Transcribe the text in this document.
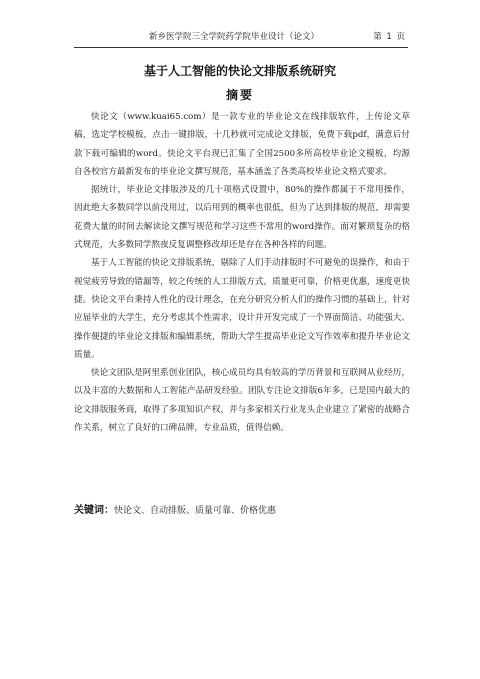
新乡医学院三全学院药学院毕业设计（论文）	第 1 页
基于人工智能的快论文排版系统研究
摘要

快论文（www.kuai65.com）是一款专业的毕业论文在线排版软件，上传论文草稿，选定学校模板，点击一键排版，十几秒就可完成论文排版，免费下载pdf，满意后付款下载可编辑的word。快论文平台现已汇集了全国2500多所高校毕业论文模板，均源自各校官方最新发布的毕业论文撰写规范，基本涵盖了各类高校毕业论文格式要求。

据统计，毕业论文排版涉及的几十项格式设置中，80%的操作都属于不常用操作，因此绝大多数同学以前没用过，以后用到的概率也很低，但为了达到排版的规范，却需要花费大量的时间去解读论文撰写规范和学习这些不常用的word操作。面对繁琐复杂的格式规范，大多数同学熬夜反复调整修改却还是存在各种各样的问题。

基于人工智能的快论文排版系统，剔除了人们手动排版时不可避免的误操作，和由于视觉疲劳导致的错漏等，较之传统的人工排版方式，质量更可靠，价格更优惠，速度更快捷。快论文平台秉持人性化的设计理念，在充分研究分析人们的操作习惯的基础上，针对应届毕业的大学生，充分考虑其个性需求，设计并开发完成了一个界面简洁、功能强大、操作便捷的毕业论文排版和编辑系统，帮助大学生提高毕业论文写作效率和提升毕业论文质量。

快论文团队是阿里系创业团队，核心成员均具有较高的学历背景和互联网从业经历，以及丰富的大数据和人工智能产品研发经验。团队专注论文排版6年多，已是国内最大的论文排版服务商，取得了多项知识产权，并与多家相关行业龙头企业建立了紧密的战略合作关系，树立了良好的口碑品牌，专业品质，值得信赖。

关键词：快论文、自动排版、质量可靠、价格优惠
